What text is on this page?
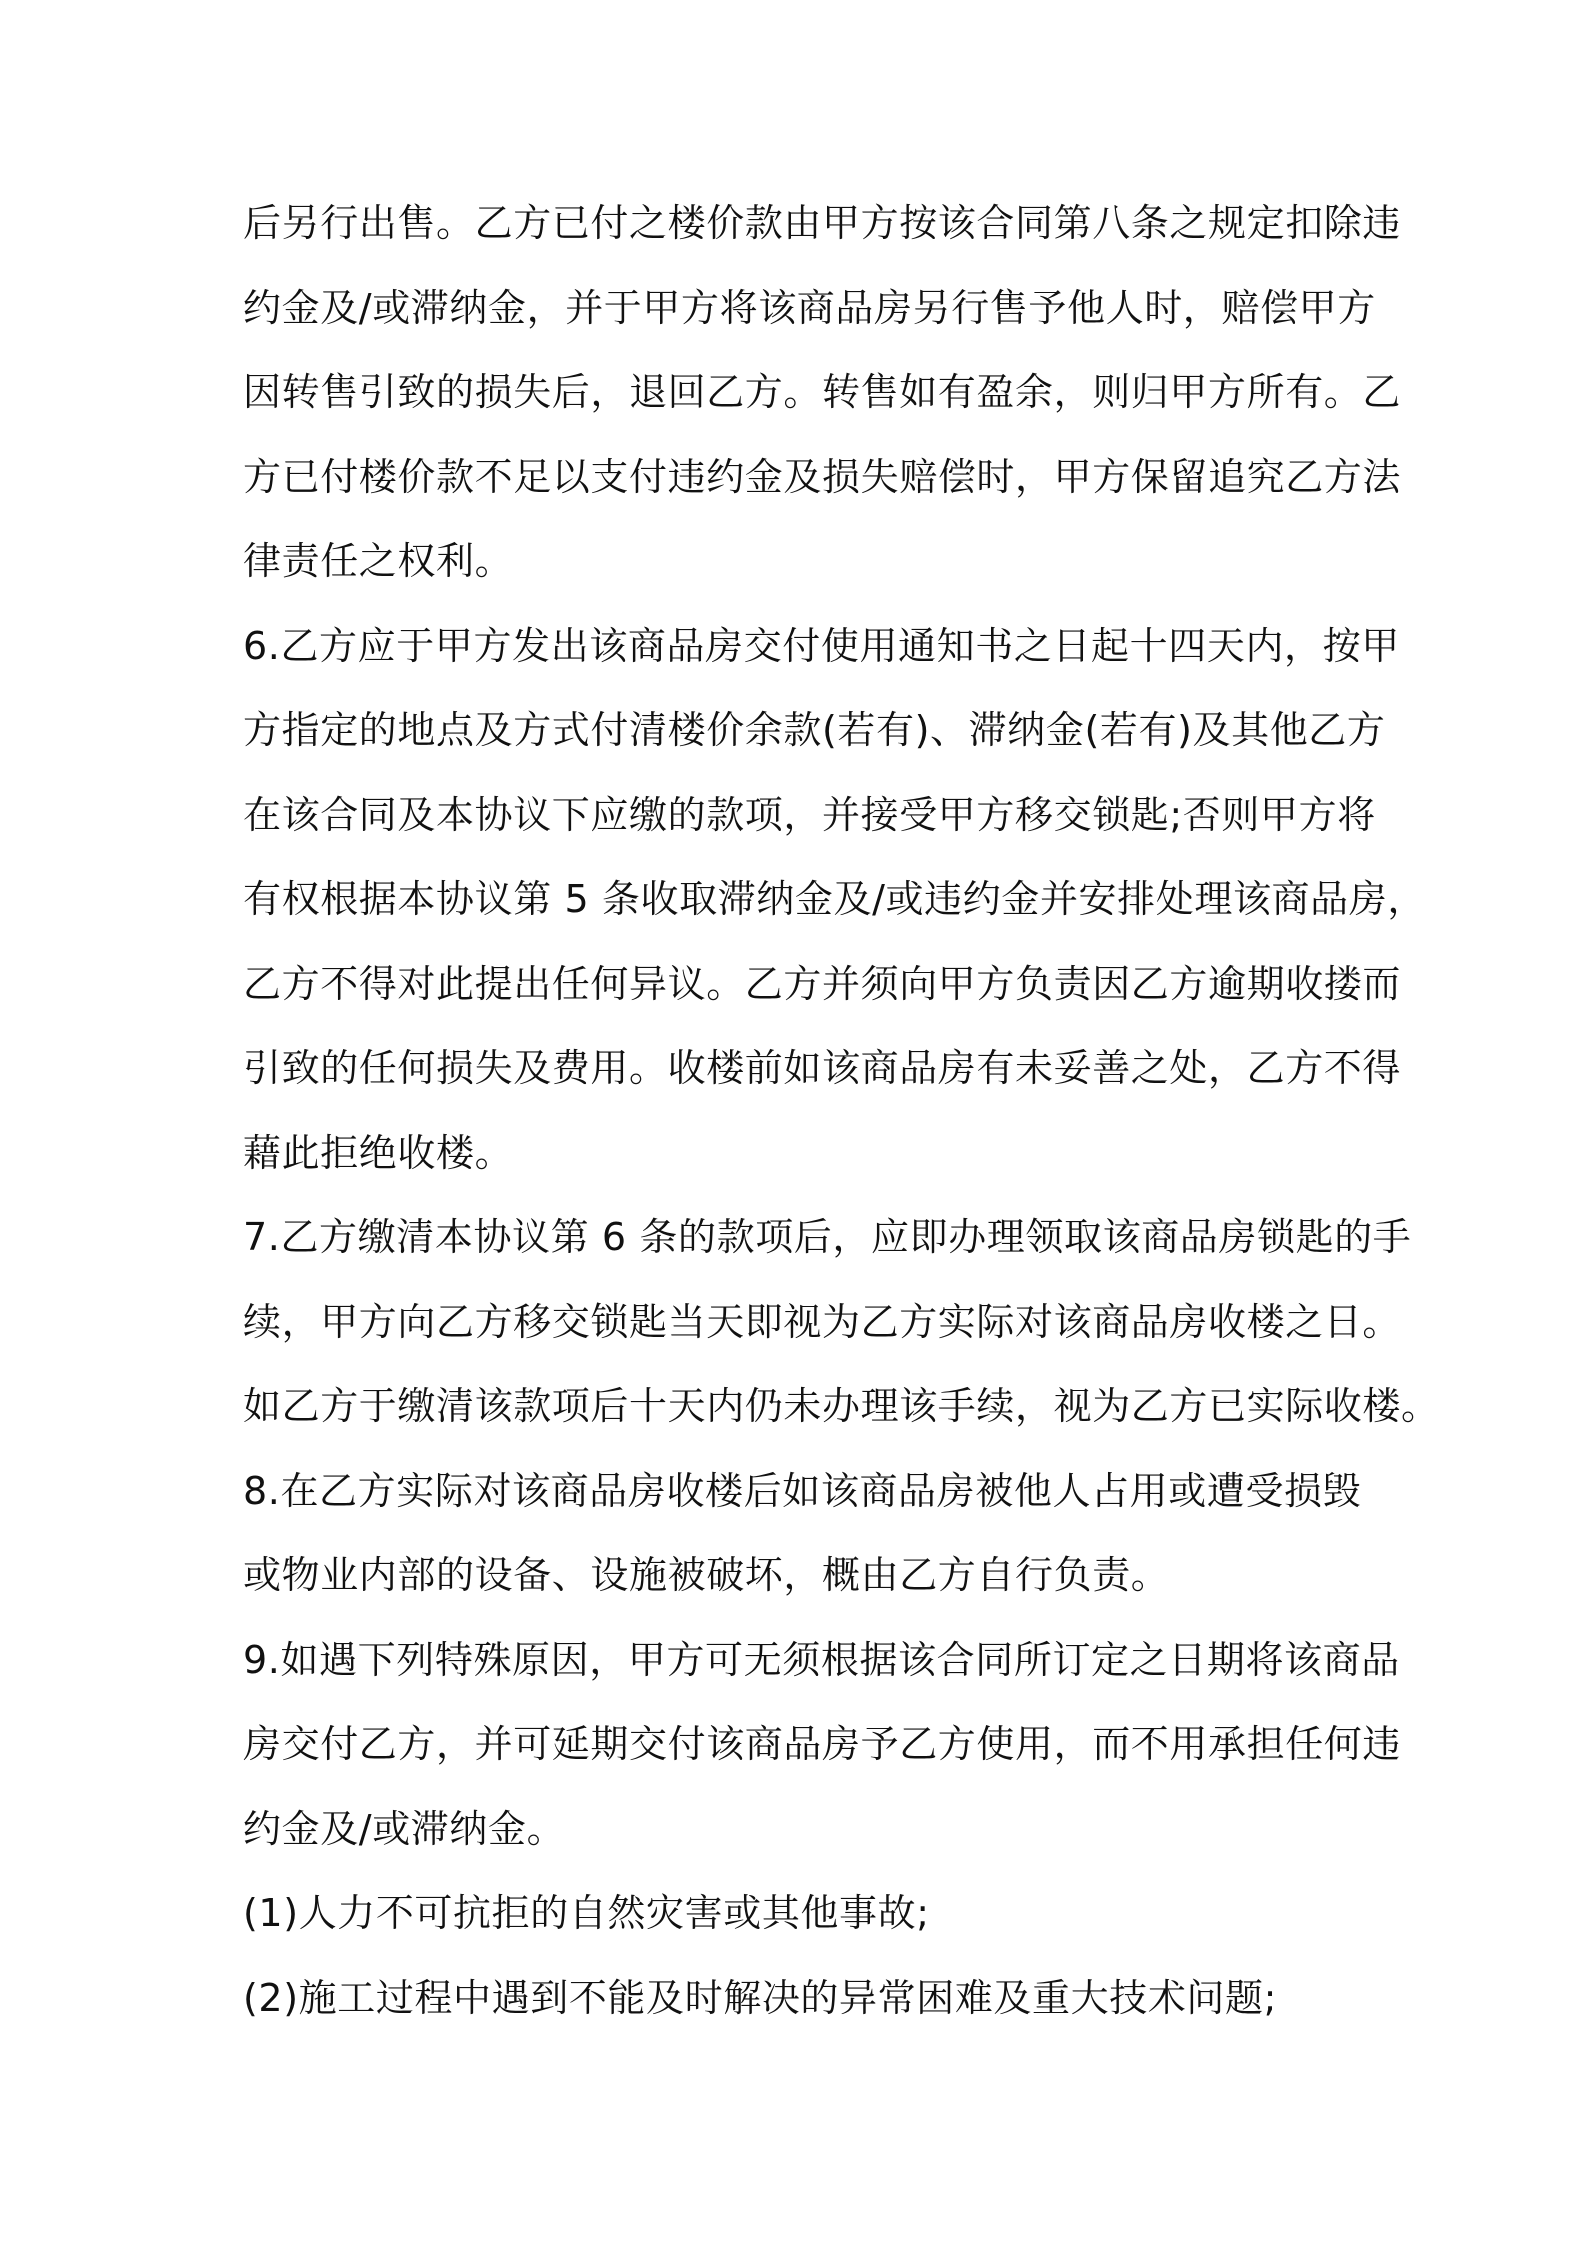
后另行出售。乙方已付之楼价款由甲方按该合同第八条之规定扣除违
约金及/或滞纳金，并于甲方将该商品房另行售予他人时，赔偿甲方
因转售引致的损失后，退回乙方。转售如有盈余，则归甲方所有。乙
方已付楼价款不足以支付违约金及损失赔偿时，甲方保留追究乙方法
律责任之权利。
6.乙方应于甲方发出该商品房交付使用通知书之日起十四天内，按甲
方指定的地点及方式付清楼价余款(若有)、滞纳金(若有)及其他乙方
在该合同及本协议下应缴的款项，并接受甲方移交锁匙;否则甲方将
有权根据本协议第 5 条收取滞纳金及/或违约金并安排处理该商品房，
乙方不得对此提出任何异议。乙方并须向甲方负责因乙方逾期收搂而
引致的任何损失及费用。收楼前如该商品房有未妥善之处，乙方不得
藉此拒绝收楼。
7.乙方缴清本协议第 6 条的款项后，应即办理领取该商品房锁匙的手
续，甲方向乙方移交锁匙当天即视为乙方实际对该商品房收楼之日。
如乙方于缴清该款项后十天内仍未办理该手续，视为乙方已实际收楼。
8.在乙方实际对该商品房收楼后如该商品房被他人占用或遭受损毁
或物业内部的设备、设施被破坏，概由乙方自行负责。
9.如遇下列特殊原因，甲方可无须根据该合同所订定之日期将该商品
房交付乙方，并可延期交付该商品房予乙方使用，而不用承担任何违
约金及/或滞纳金。
(1)人力不可抗拒的自然灾害或其他事故;
(2)施工过程中遇到不能及时解决的异常困难及重大技术问题;
